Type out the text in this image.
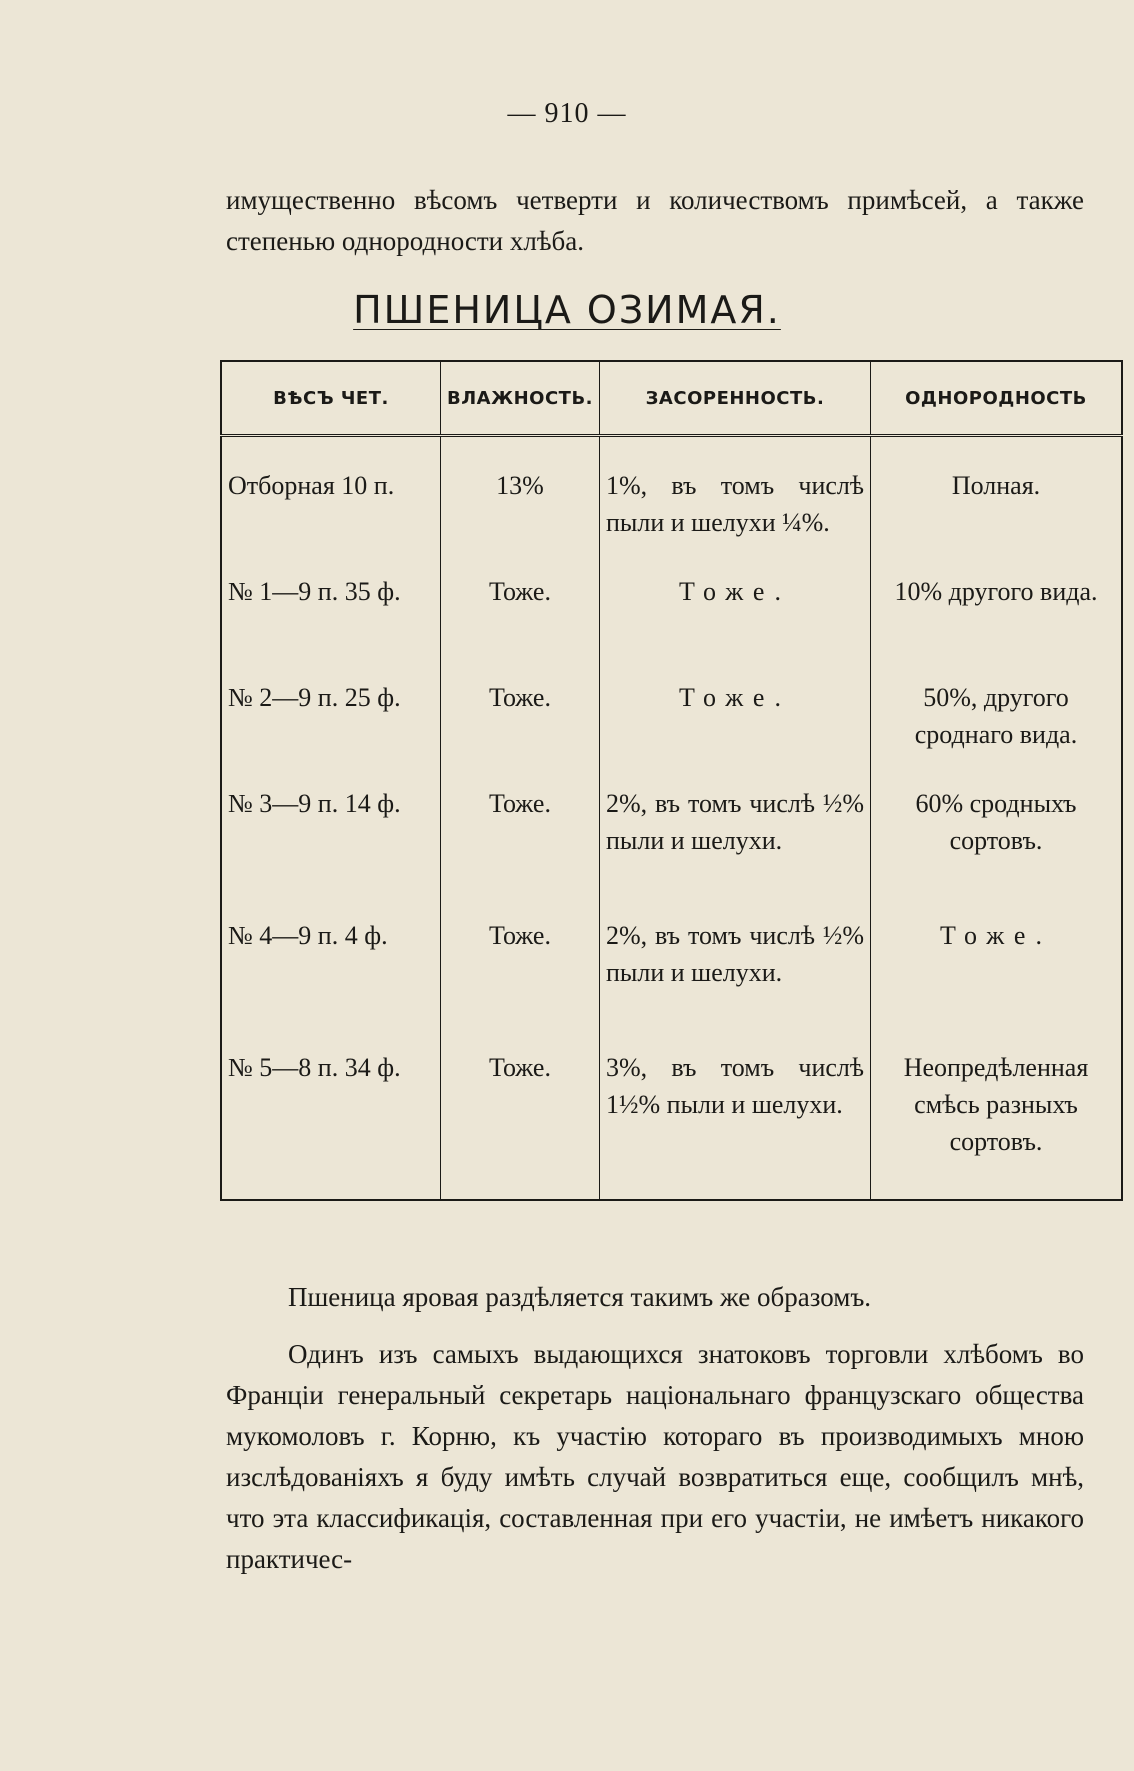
— 910 —
имущественно вѣсомъ четверти и количествомъ примѣсей, а также степенью однородности хлѣба.
ПШЕНИЦА ОЗИМАЯ.
ВѢСЪ ЧЕТ.	ВЛАЖНОСТЬ.	ЗАСОРЕННОСТЬ.	ОДНОРОДНОСТЬ
Отборная 10 п.	13%	1%, въ томъ числѣ пыли и шелухи ¼%.	Полная.
№ 1—9 п. 35 ф.	Тоже.	Тоже.	10% другого вида.
№ 2—9 п. 25 ф.	Тоже.	Тоже.	50%, другого сроднаго вида.
№ 3—9 п. 14 ф.	Тоже.	2%, въ томъ числѣ ½% пыли и шелухи.	60% сродныхъ сортовъ.
№ 4—9 п. 4 ф.	Тоже.	2%, въ томъ числѣ ½% пыли и шелухи.	Тоже.
№ 5—8 п. 34 ф.	Тоже.	3%, въ томъ числѣ 1½% пыли и шелухи.	Неопредѣленная смѣсь разныхъ сортовъ.
Пшеница яровая раздѣляется такимъ же образомъ.
Одинъ изъ самыхъ выдающихся знатоковъ торговли хлѣбомъ во Франціи генеральный секретарь національнаго французскаго общества мукомоловъ г. Корню, къ участію котораго въ производимыхъ мною изслѣдованіяхъ я буду имѣть случай возвратиться еще, сообщилъ мнѣ, что эта классификація, составленная при его участіи, не имѣетъ никакого практичес-
